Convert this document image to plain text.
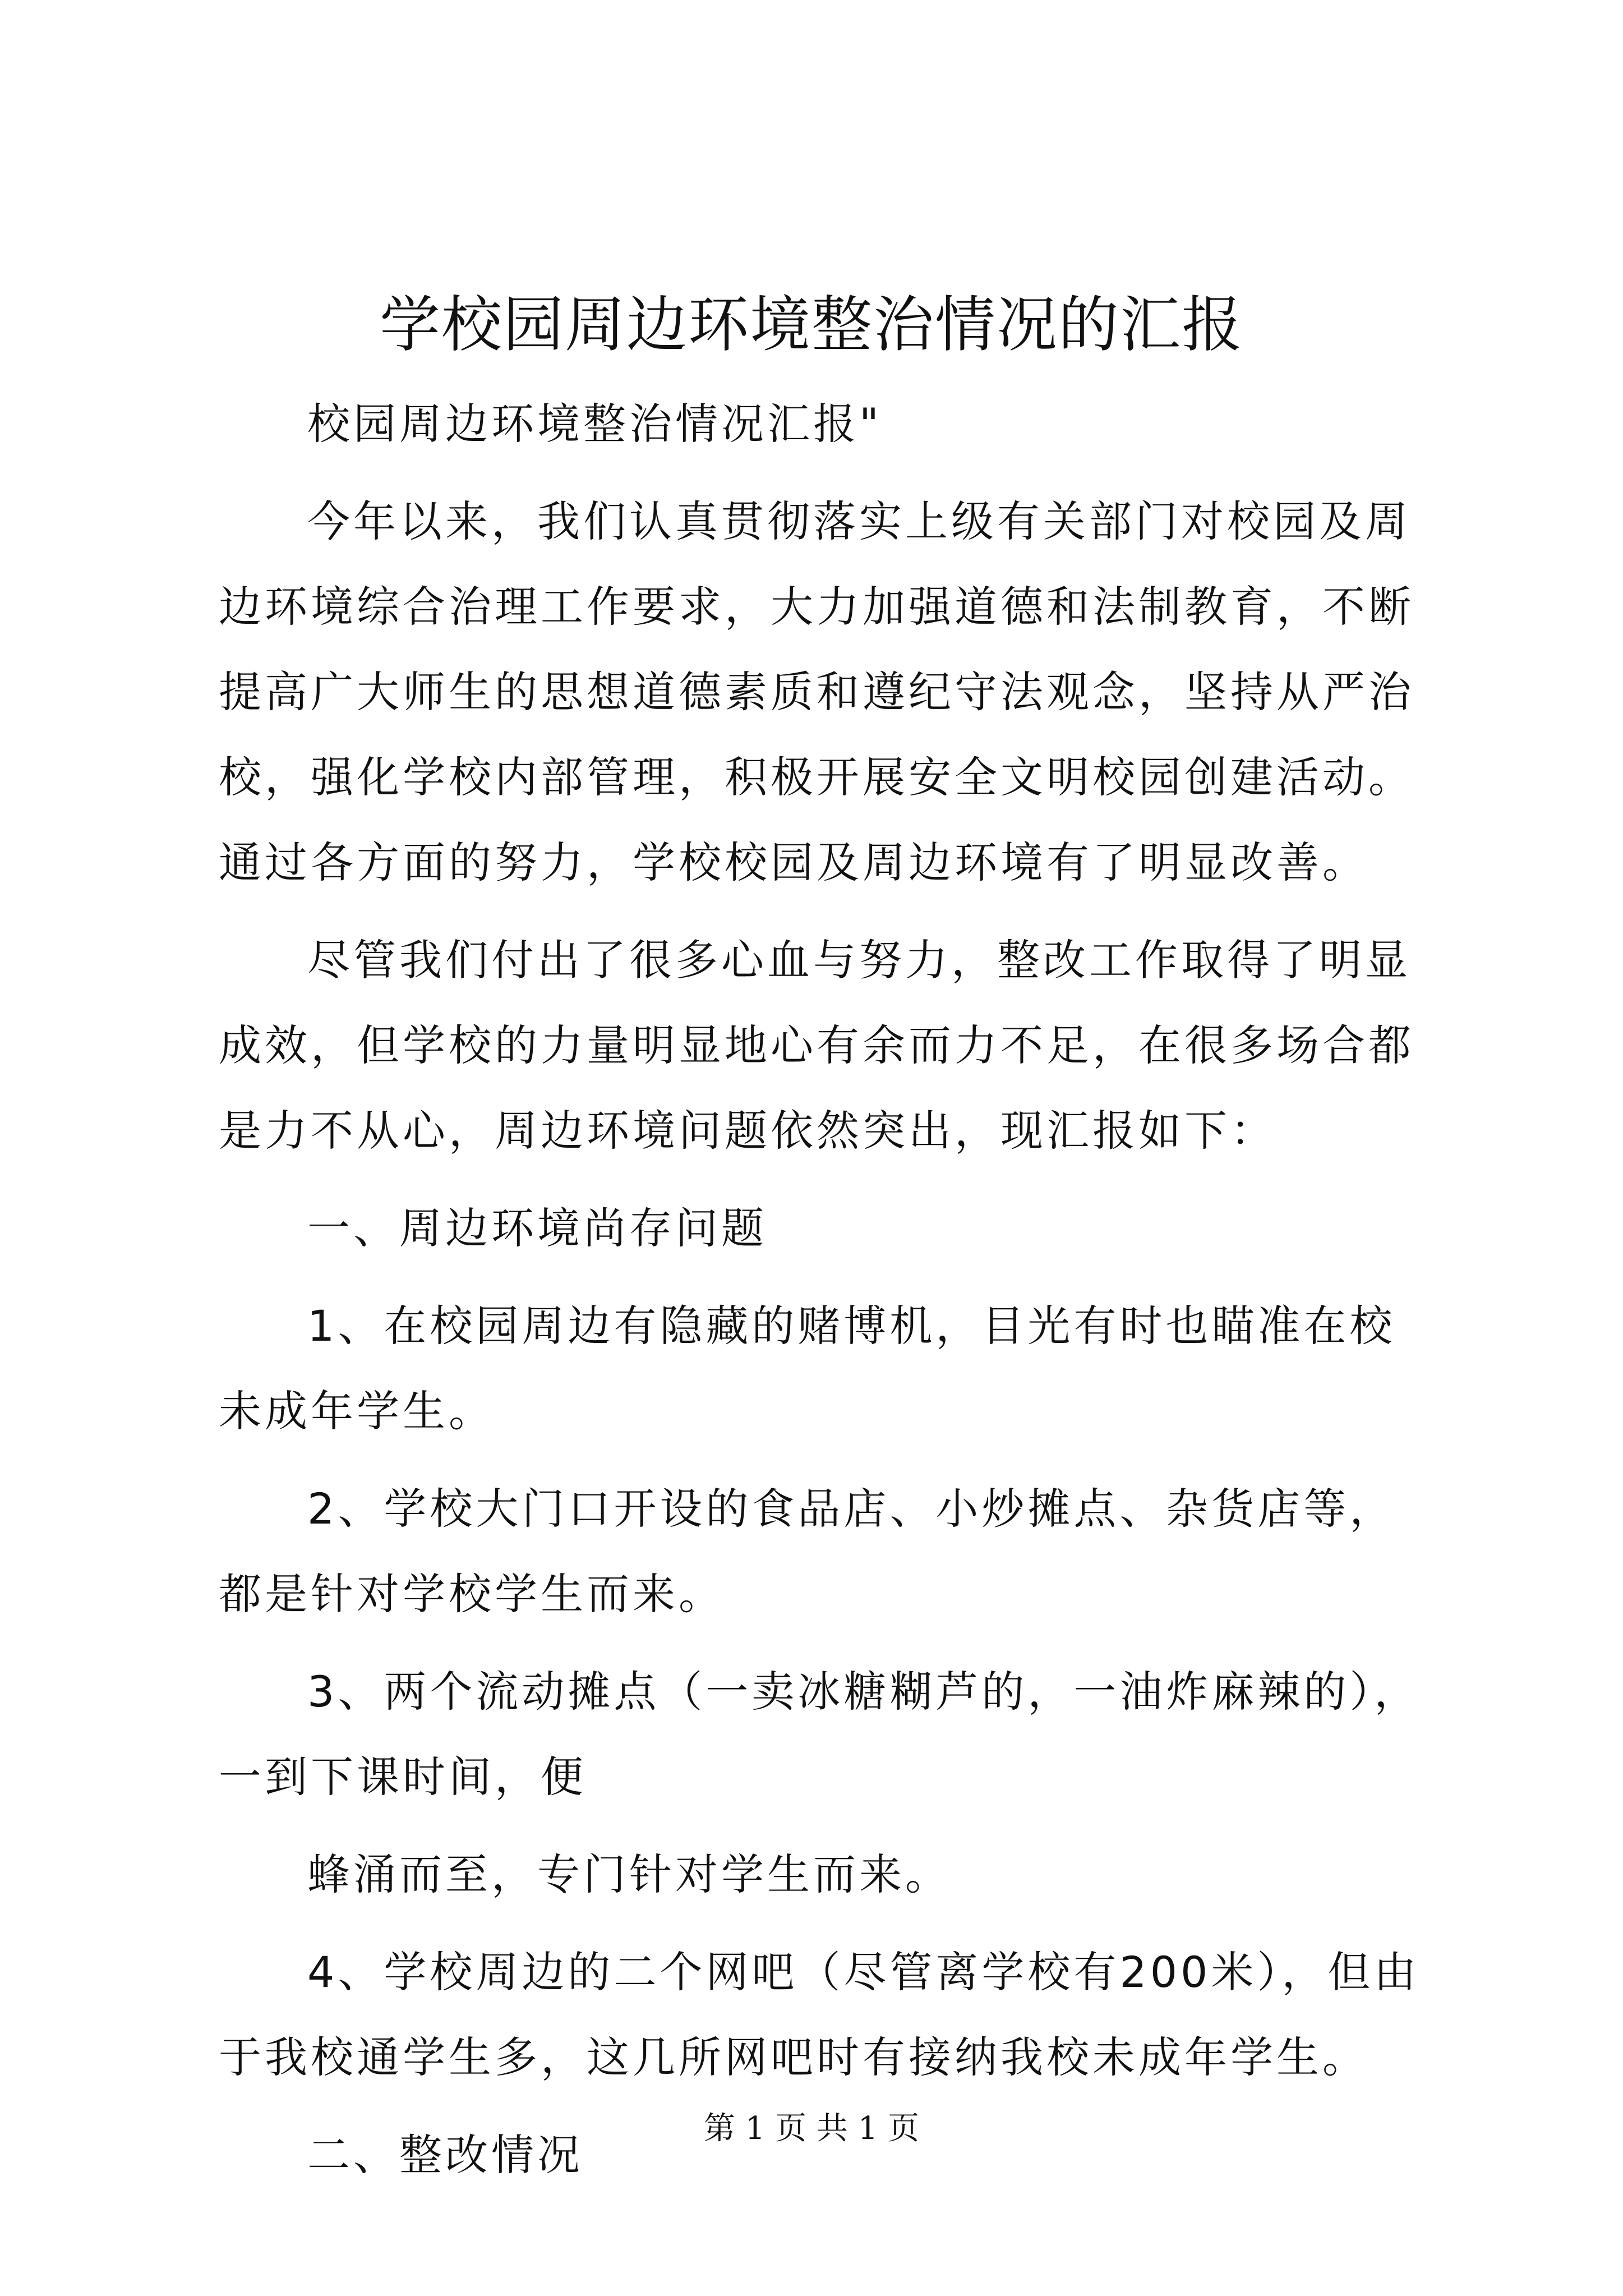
学校园周边环境整治情况的汇报

校园周边环境整治情况汇报"

今年以来，我们认真贯彻落实上级有关部门对校园及周边环境综合治理工作要求，大力加强道德和法制教育，不断提高广大师生的思想道德素质和遵纪守法观念，坚持从严治校，强化学校内部管理，积极开展安全文明校园创建活动。通过各方面的努力，学校校园及周边环境有了明显改善。

尽管我们付出了很多心血与努力，整改工作取得了明显成效，但学校的力量明显地心有余而力不足，在很多场合都是力不从心，周边环境问题依然突出，现汇报如下：

一、周边环境尚存问题

1、在校园周边有隐藏的赌博机，目光有时也瞄准在校未成年学生。

2、学校大门口开设的食品店、小炒摊点、杂货店等，都是针对学校学生而来。

3、两个流动摊点（一卖冰糖糊芦的，一油炸麻辣的），一到下课时间，便

蜂涌而至，专门针对学生而来。

4、学校周边的二个网吧（尽管离学校有200米），但由于我校通学生多，这几所网吧时有接纳我校未成年学生。

二、整改情况

第 1 页 共 1 页
